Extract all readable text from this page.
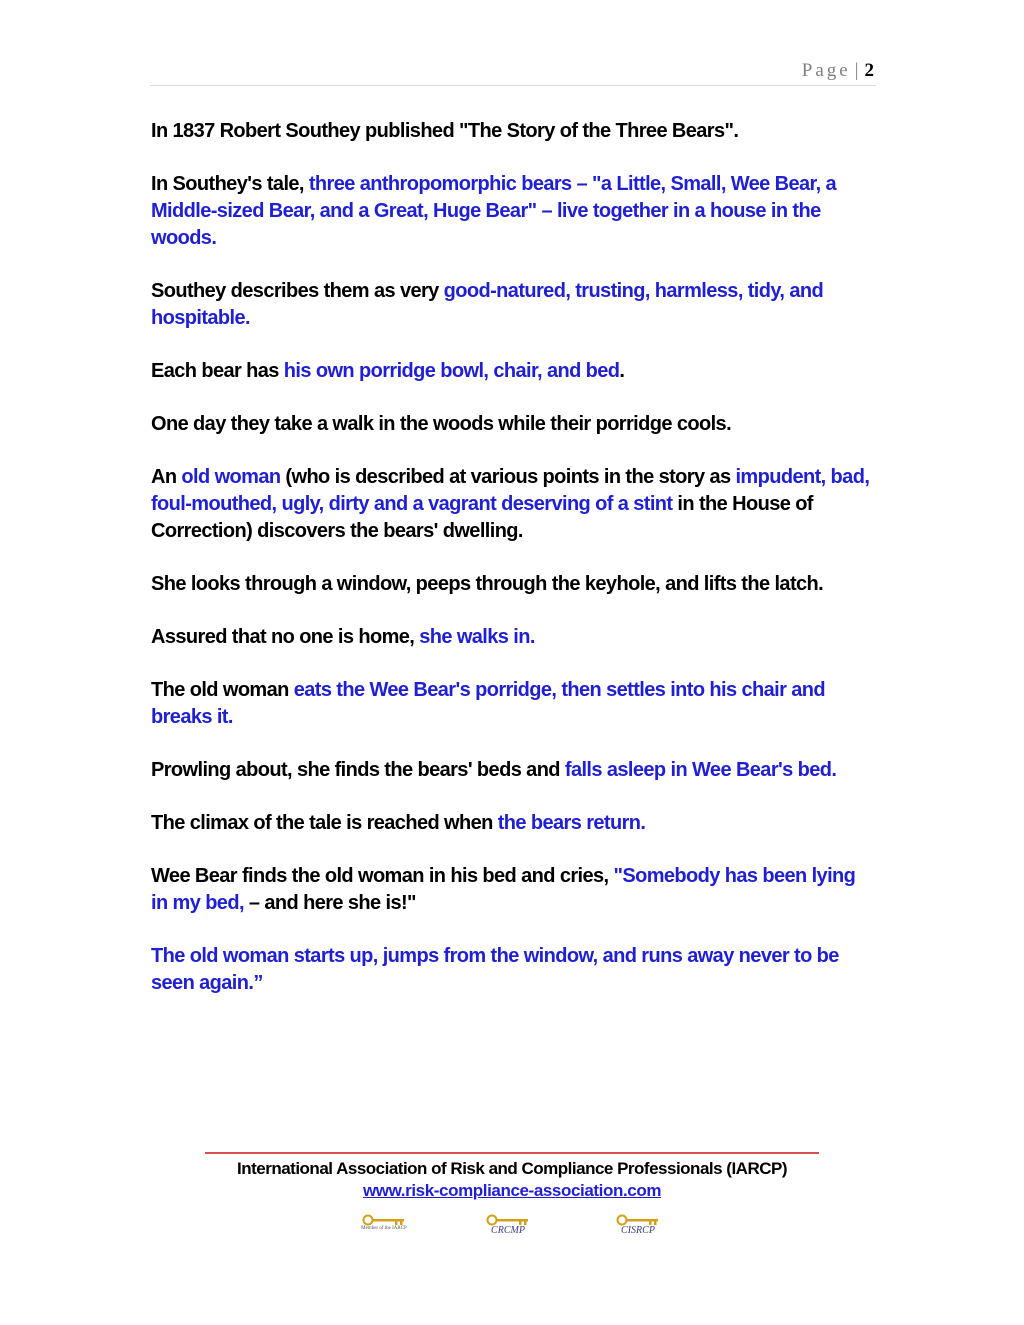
Page | 2

In 1837 Robert Southey published "The Story of the Three Bears".

In Southey's tale, three anthropomorphic bears – "a Little, Small, Wee Bear, a Middle-sized Bear, and a Great, Huge Bear" – live together in a house in the woods.

Southey describes them as very good-natured, trusting, harmless, tidy, and hospitable.

Each bear has his own porridge bowl, chair, and bed.

One day they take a walk in the woods while their porridge cools.

An old woman (who is described at various points in the story as impudent, bad, foul-mouthed, ugly, dirty and a vagrant deserving of a stint in the House of Correction) discovers the bears' dwelling.

She looks through a window, peeps through the keyhole, and lifts the latch.

Assured that no one is home, she walks in.

The old woman eats the Wee Bear's porridge, then settles into his chair and breaks it.

Prowling about, she finds the bears' beds and falls asleep in Wee Bear's bed.

The climax of the tale is reached when the bears return.

Wee Bear finds the old woman in his bed and cries, "Somebody has been lying in my bed, – and here she is!"

The old woman starts up, jumps from the window, and runs away never to be seen again.”

International Association of Risk and Compliance Professionals (IARCP)
www.risk-compliance-association.com
Member of the IARCP	CRCMP	CISRCP
